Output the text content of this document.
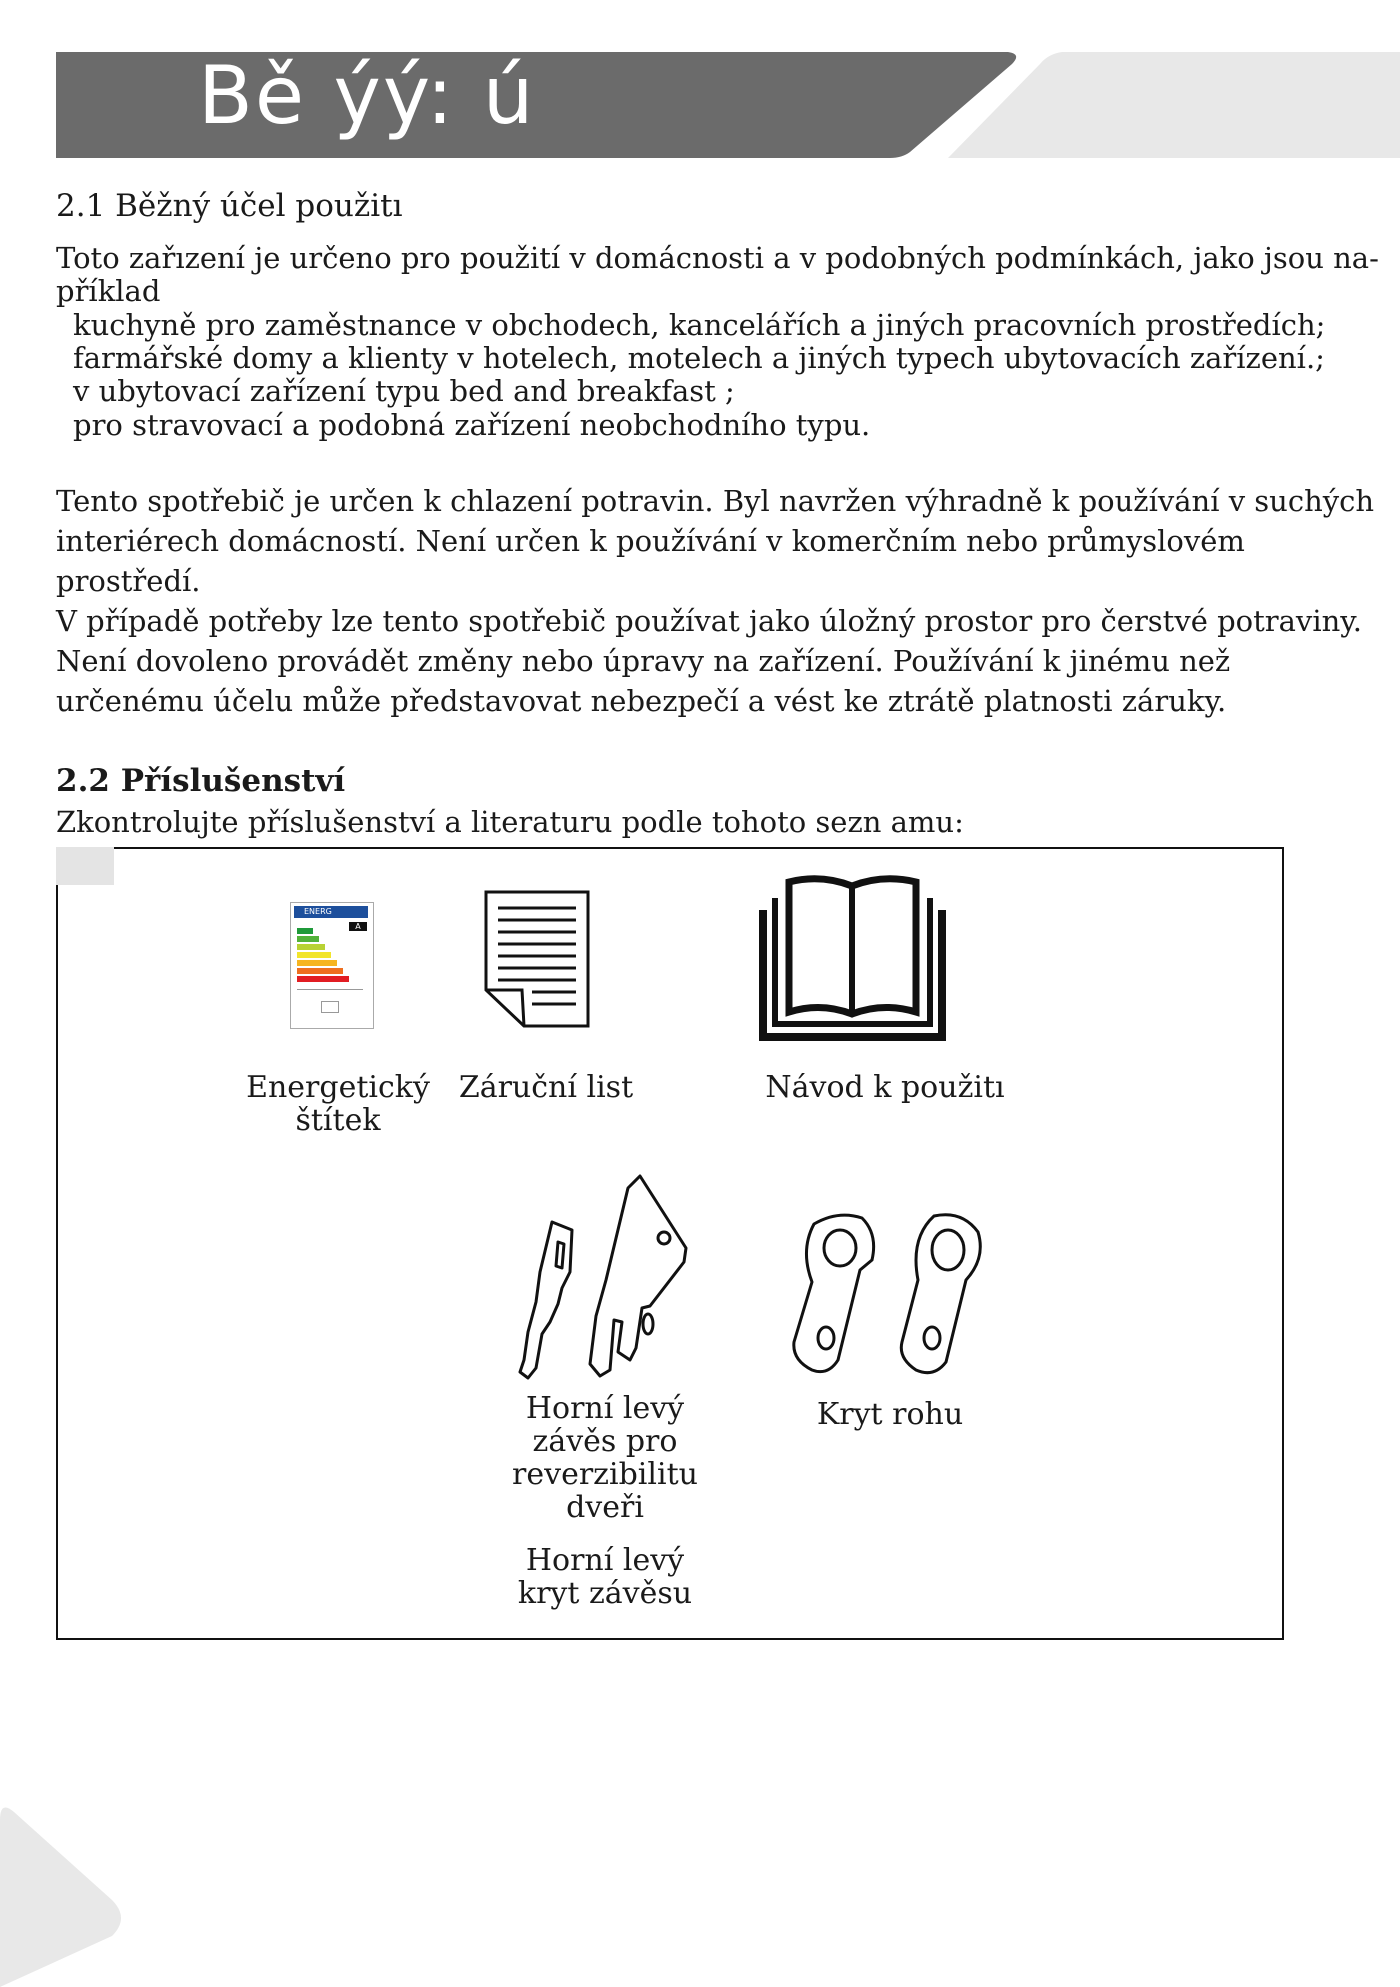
Bě ýý: ú
2.1 Běžný účel použitı
Toto zařızení je určeno pro použití v domácnosti a v podobných podmínkách, jako jsou na-
příklad
kuchyně pro zaměstnance v obchodech, kancelářích a jiných pracovních prostředích;
farmářské domy a klienty v hotelech, motelech a jiných typech ubytovacích zařízení.;
v ubytovací zařízení typu bed and breakfast ;
pro stravovací a podobná zařízení neobchodního typu.
Tento spotřebič je určen k chlazení potravin. Byl navržen výhradně k používání v suchých
interiérech domácností. Není určen k používání v komerčním nebo průmyslovém
prostředí.
V případě potřeby lze tento spotřebič používat jako úložný prostor pro čerstvé potraviny.
Není dovoleno provádět změny nebo úpravy na zařízení. Používání k jinému než
určenému účelu může představovat nebezpečí a vést ke ztrátě platnosti záruky.
2.2 Příslušenství
Zkontrolujte příslušenství a literaturu podle tohoto sezn amu:
ENERG
A
Energetický
štítek
Záruční list	Návod k použitı
Horní levý
závěs pro
reverzibilitu
dveři
Horní levý
kryt závěsu
Kryt rohu
